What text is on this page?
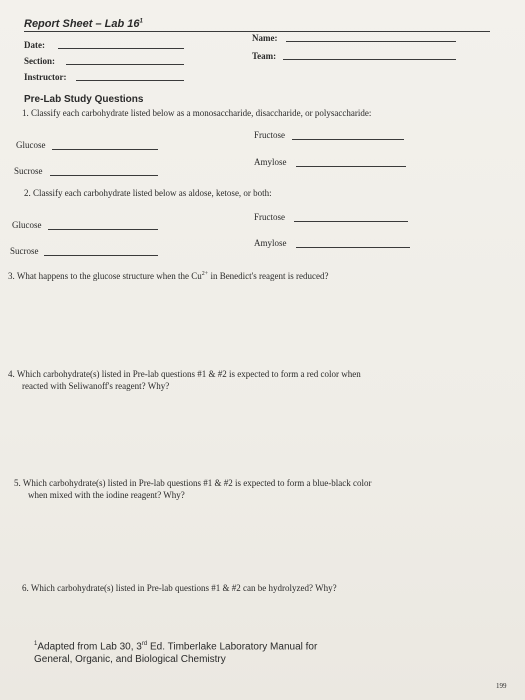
Report Sheet – Lab $16^1$
Date:
Section:
Instructor:
Name:
Team:
Pre-Lab Study Questions
1. Classify each carbohydrate listed below as a monosaccharide, disaccharide, or polysaccharide:
Fructose
Glucose
Amylose
Sucrose
2. Classify each carbohydrate listed below as aldose, ketose, or both:
Fructose
Glucose
Amylose
Sucrose
3. What happens to the glucose structure when the $Cu^{2+}$ in Benedict's reagent is reduced?
4. Which carbohydrate(s) listed in Pre-lab questions #1 & #2 is expected to form a red color when
reacted with Seliwanoff's reagent? Why?
5. Which carbohydrate(s) listed in Pre-lab questions #1 & #2 is expected to form a blue-black color
when mixed with the iodine reagent? Why?
6. Which carbohydrate(s) listed in Pre-lab questions #1 & #2 can be hydrolyzed? Why?
$^1$Adapted from Lab 30, 3rd Ed. Timberlake Laboratory Manual for
General, Organic, and Biological Chemistry
199
